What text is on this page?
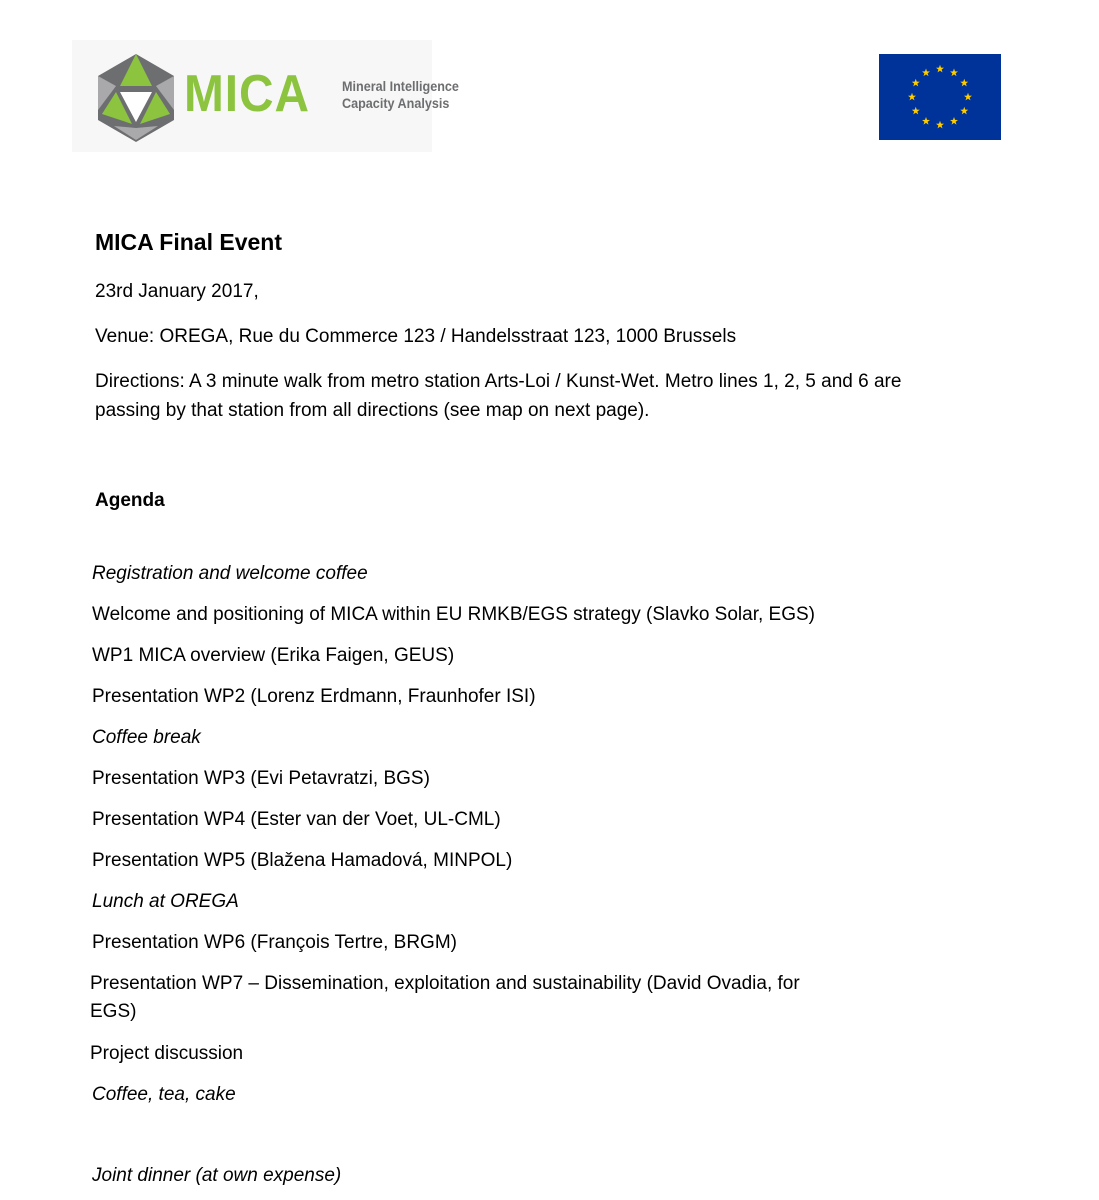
MICA Mineral Intelligence
Capacity Analysis
MICA Final Event
23rd January 2017,
Venue: OREGA, Rue du Commerce 123 / Handelsstraat 123, 1000 Brussels
Directions: A 3 minute walk from metro station Arts-Loi / Kunst-Wet. Metro lines 1, 2, 5 and 6 are
passing by that station from all directions (see map on next page).
Agenda
Registration and welcome coffee
Welcome and positioning of MICA within EU RMKB/EGS strategy (Slavko Solar, EGS)
WP1 MICA overview (Erika Faigen, GEUS)
Presentation WP2 (Lorenz Erdmann, Fraunhofer ISI)
Coffee break
Presentation WP3 (Evi Petavratzi, BGS)
Presentation WP4 (Ester van der Voet, UL-CML)
Presentation WP5 (Blažena Hamadová, MINPOL)
Lunch at OREGA
Presentation WP6 (François Tertre, BRGM)
Presentation WP7 – Dissemination, exploitation and sustainability (David Ovadia, for
EGS)
Project discussion
Coffee, tea, cake
Joint dinner (at own expense)
